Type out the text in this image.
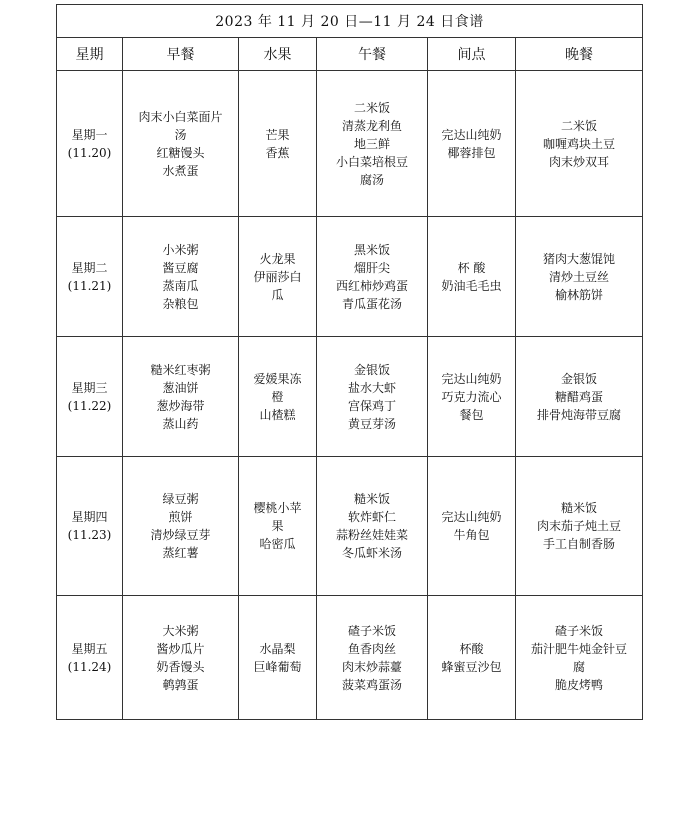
2023 年 11 月 20 日—11 月 24 日食谱					
星期	早餐	水果	午餐	间点	晚餐

星期一
(11.20)	肉末小白菜面片
汤
红糖馒头
水煮蛋	芒果
香蕉	二米饭
清蒸龙利鱼
地三鲜
小白菜培根豆
腐汤	完达山纯奶
椰蓉排包	二米饭
咖喱鸡块土豆
肉末炒双耳

星期二
(11.21)	小米粥
酱豆腐
蒸南瓜
杂粮包	火龙果
伊丽莎白
瓜	黑米饭
熘肝尖
西红柿炒鸡蛋
青瓜蛋花汤	杯 酸
奶油毛毛虫	猪肉大葱馄饨
清炒土豆丝
榆林筋饼

星期三
(11.22)	糙米红枣粥
葱油饼
葱炒海带
蒸山药	爱媛果冻
橙
山楂糕	金银饭
盐水大虾
宫保鸡丁
黄豆芽汤	完达山纯奶
巧克力流心
餐包	金银饭
糖醋鸡蛋
排骨炖海带豆腐

星期四
(11.23)	绿豆粥
煎饼
清炒绿豆芽
蒸红薯	樱桃小苹
果
哈密瓜	糙米饭
软炸虾仁
蒜粉丝娃娃菜
冬瓜虾米汤	完达山纯奶
牛角包	糙米饭
肉末茄子炖土豆
手工自制香肠

星期五
(11.24)	大米粥
酱炒瓜片
奶香馒头
鹌鹑蛋	水晶梨
巨峰葡萄	碴子米饭
鱼香肉丝
肉末炒蒜薹
菠菜鸡蛋汤	杯酸
蜂蜜豆沙包	碴子米饭
茄汁肥牛炖金针豆
腐
脆皮烤鸭
